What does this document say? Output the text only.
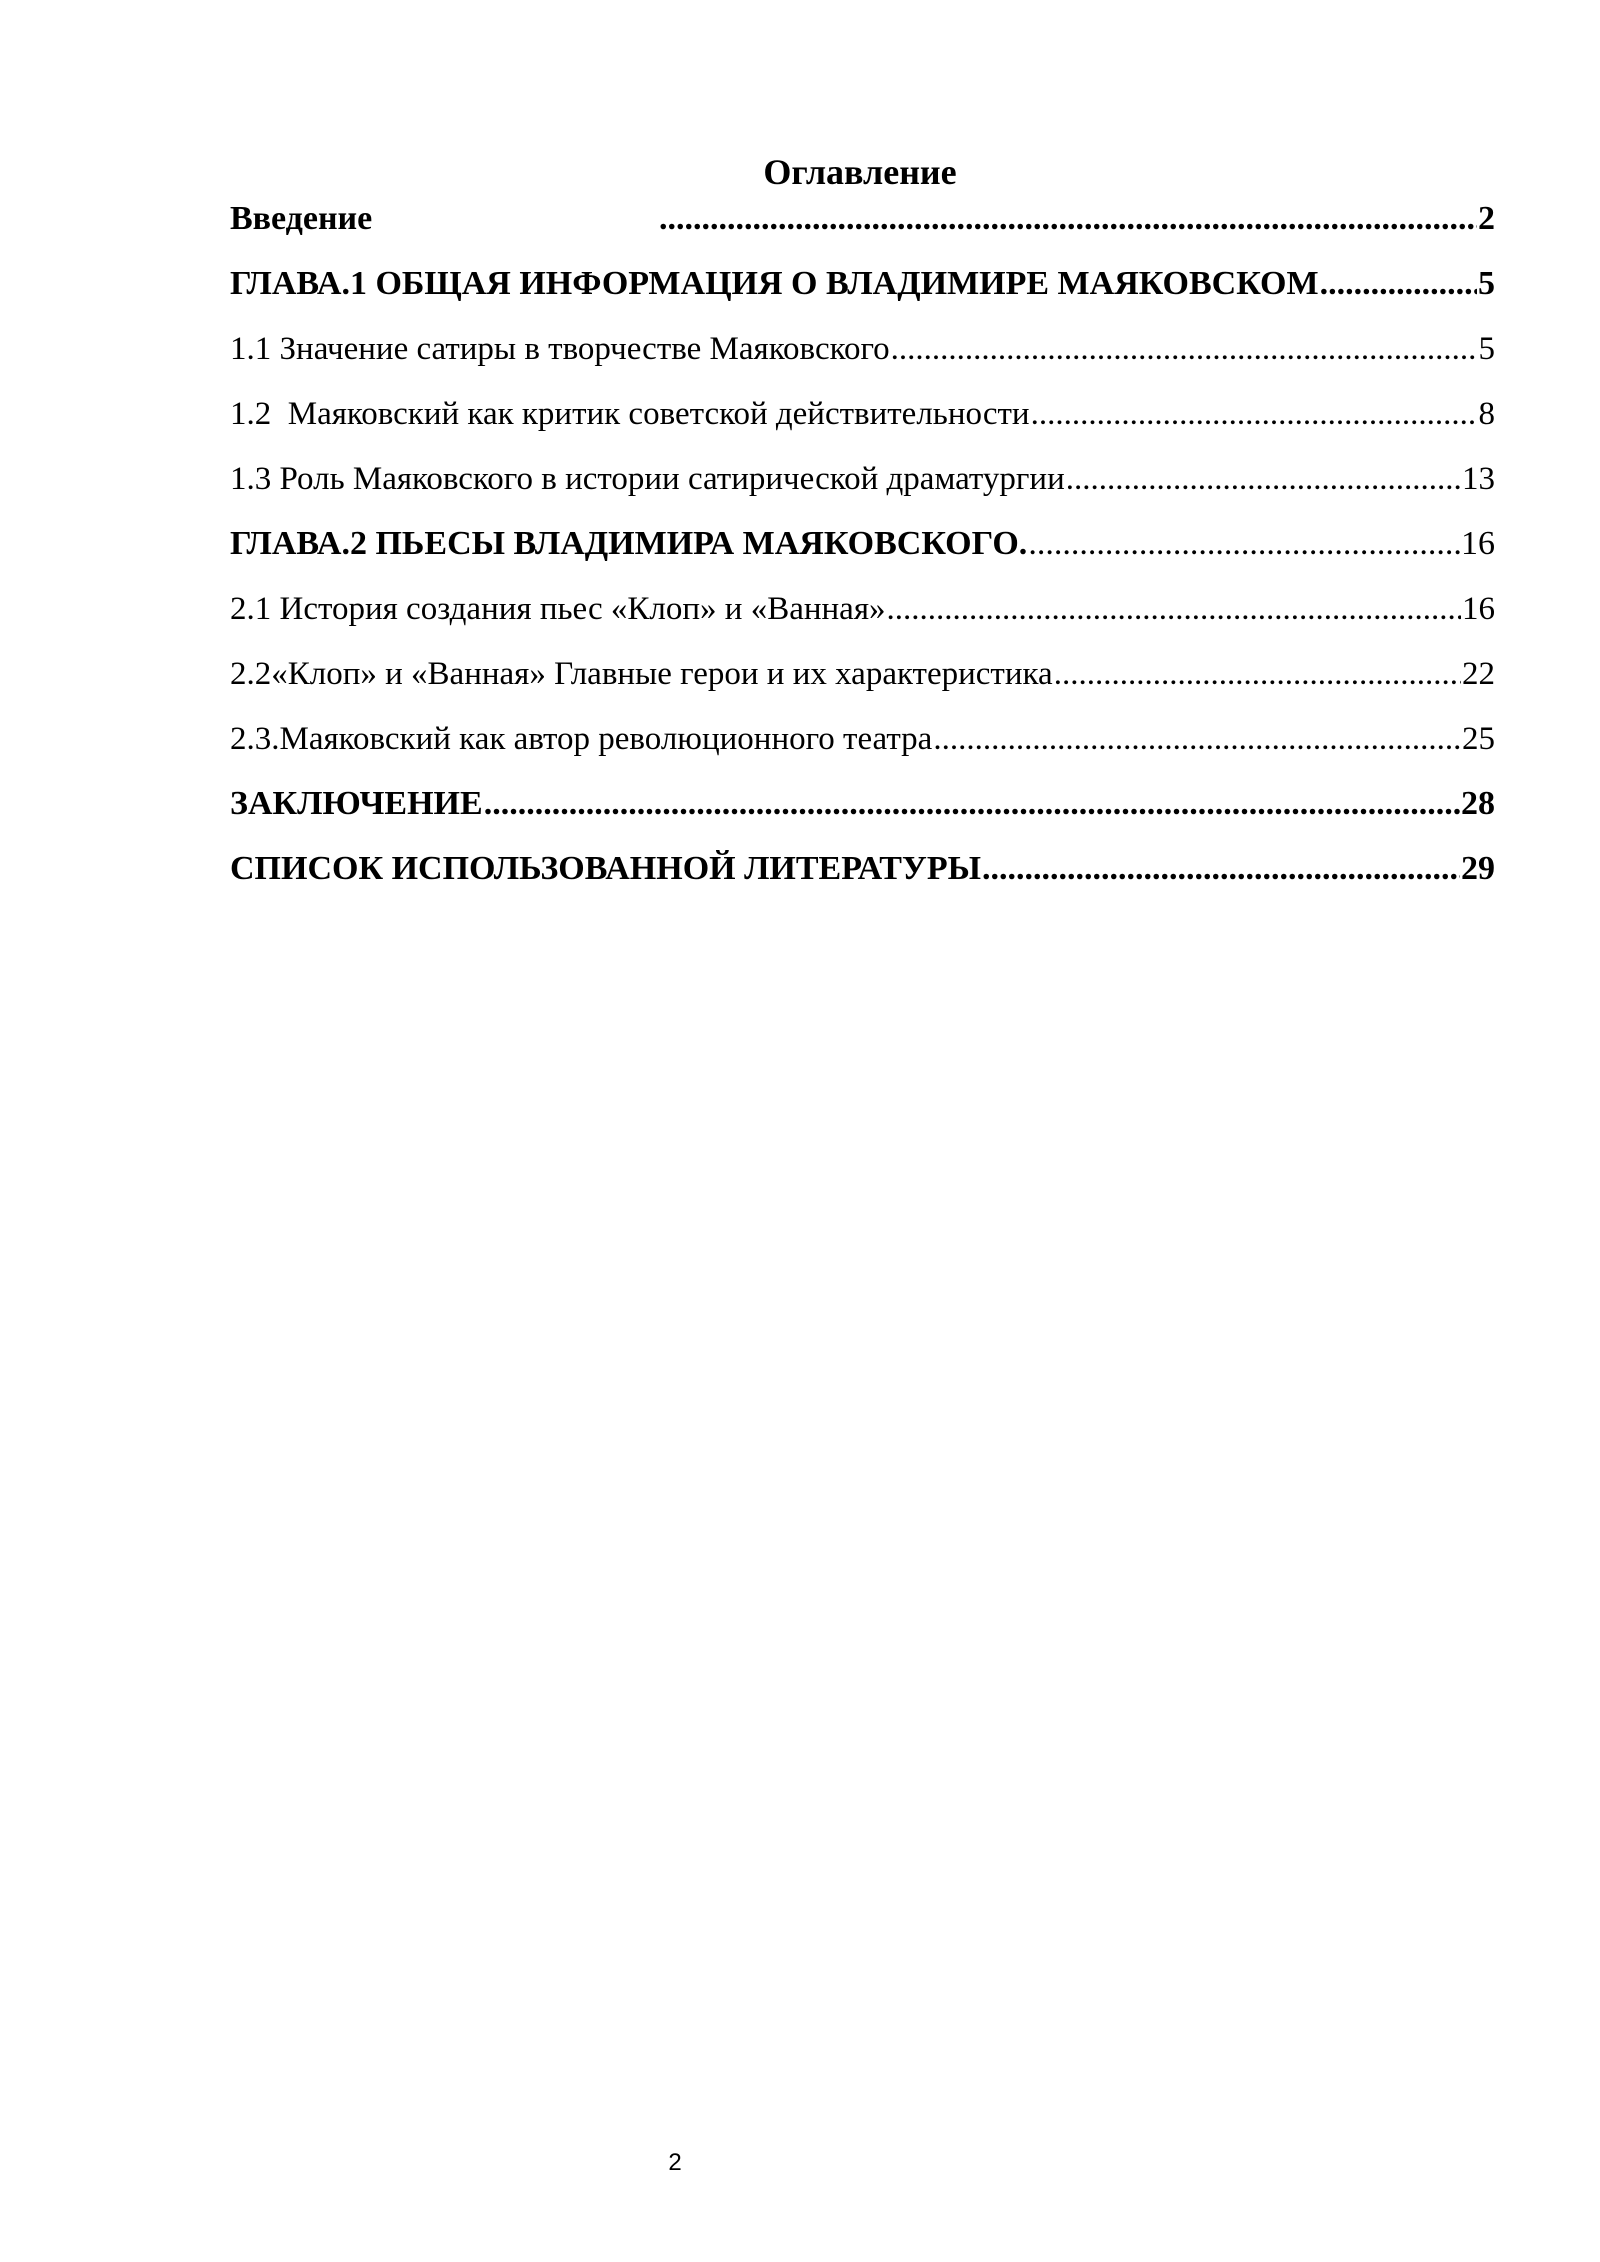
Оглавление
Введение .....	2
ГЛАВА.1 ОБЩАЯ ИНФОРМАЦИЯ О ВЛАДИМИРЕ МАЯКОВСКОМ .....	5
1.1 Значение сатиры в творчестве Маяковского .....	5
1.2  Маяковский как критик советской действительности .....	8
1.3 Роль Маяковского в истории сатирической драматургии .....	13
ГЛАВА.2 ПЬЕСЫ ВЛАДИМИРА МАЯКОВСКОГО. .....	16
2.1 История создания пьес «Клоп» и «Ванная» .....	16
2.2«Клоп» и «Ванная» Главные герои и их характеристика .....	22
2.3.Маяковский как автор революционного театра .....	25
ЗАКЛЮЧЕНИЕ .....	28
СПИСОК ИСПОЛЬЗОВАННОЙ ЛИТЕРАТУРЫ .....	29
2
